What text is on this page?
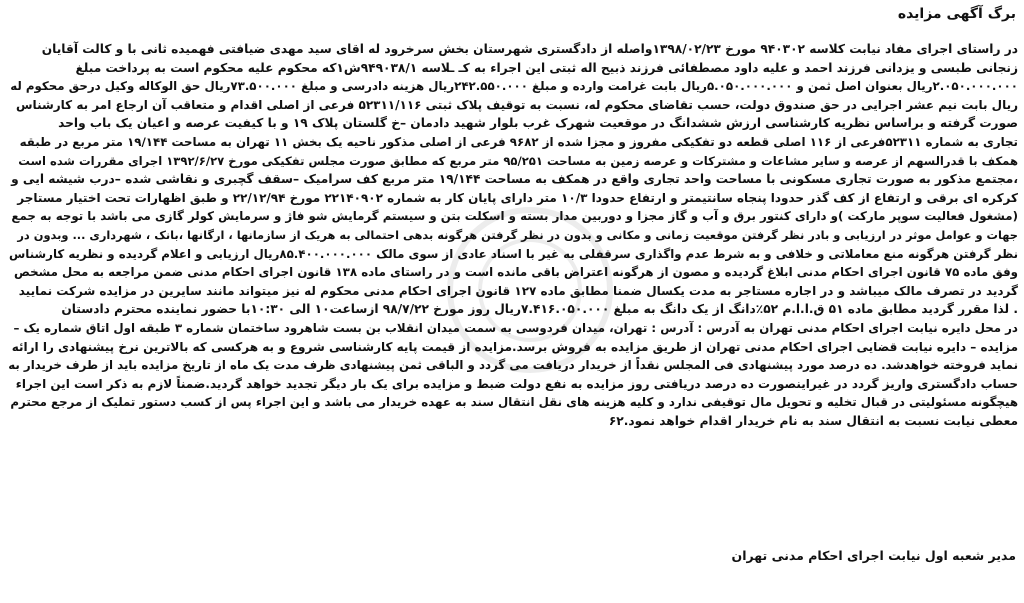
برگ آگهی مزایده
در راستای اجرای مفاد نیابت کلاسه ۹۴۰۳۰۲ مورخ ۱۳۹۸/۰۲/۲۳واصله از دادگستری شهرستان بخش سرخرود له اقای سید مهدی ضیافتی فهمیده ثانی با و کالت آقایان
زنجانی طبسی و یزدانی فرزند احمد و علیه داود مصطفائی فرزند ذبیح اله ثبتی این اجراء به کـ ـلاسه ۹۴۹۰۳۸/۱ش۱که محکوم علیه محکوم است به پرداخت مبلغ
۲.۰۵۰.۰۰۰.۰۰۰ریال بعنوان اصل ثمن و ۵.۰۵۰.۰۰۰.۰۰۰ریال بابت غرامت وارده و مبلغ ۲۴۲.۵۵۰.۰۰۰ریال هزینه دادرسی و مبلغ ۷۳.۵۰۰.۰۰۰ریال حق الوکاله وکیل درحق محکوم له
ریال بابت نیم عشر اجرایی در حق صندوق دولت، حسب تقاضای محکوم له، نسبت به توقیف پلاک ثبتی ۵۲۳۱۱/۱۱۶ فرعی از اصلی اقدام و متعاقب آن ارجاع امر به کارشناس
صورت گرفته و براساس نظریه کارشناسی ارزش ششدانگ در موقعیت شهرک غرب بلوار شهید دادمان –خ گلستان پلاک ۱۹ و با کیفیت عرصه و اعیان یک باب واحد
تجاری به شماره ۵۲۳۱۱فرعی از ۱۱۶ اصلی قطعه دو تفکیکی مفروز و مجزا شده از ۹۶۸۲ فرعی از اصلی مذکور ناحیه یک بخش ۱۱ تهران به مساحت ۱۹/۱۴۴ متر مربع در طبقه
همکف با قدرالسهم از عرصه و سایر مشاعات و مشترکات و عرصه زمین به مساحت ۹۵/۲۵۱ متر مربع که مطابق صورت مجلس تفکیکی مورخ ۱۳۹۲/۶/۲۷ اجرای مقررات شده است
،مجتمع مذکور به صورت تجاری مسکونی با مساحت واحد تجاری واقع در همکف به مساحت ۱۹/۱۴۴ متر مربع کف سرامیک –سقف گچبری و نقاشی شده –درب شیشه ایی و
کرکره ای برقی و ارتفاع از کف گذر حدودا پنجاه سانتیمتر و ارتفاع حدودا ۱۰/۳ متر دارای پایان کار به شماره ۲۲۱۴۰۹۰۲ مورخ ۲۲/۱۲/۹۴ و طبق اظهارات تحت اختیار مستاجر
(مشغول فعالیت سوپر مارکت )و دارای کنتور برق و آب و گاز مجزا و دوربین مدار بسته و اسکلت بتن و سیستم گرمایش شو فاژ و سرمایش کولر گازی می باشد با توجه به جمع
جهات و عوامل موثر در ارزیابی و بادر نظر گرفتن موقعیت زمانی و مکانی و بدون در نظر گرفتن هرگونه بدهی احتمالی به هریک از سازمانها ، ارگانها ،بانک ، شهرداری ... وبدون در
نظر گرفتن هرگونه منع معاملاتی و خلافی و به شرط عدم واگذاری سرقفلی به غیر با اسناد عادی از سوی مالک ۸۵.۴۰۰.۰۰۰.۰۰۰ریال ارزیابی و اعلام گردیده و نظریه کارشناس
وفق ماده ۷۵ قانون اجرای احکام مدنی ابلاغ گردیده و مصون از هرگونه اعتراض باقی مانده است و در راستای ماده ۱۳۸ قانون اجرای احکام مدنی ضمن مراجعه به محل مشخص
گردید در تصرف مالک میباشد و در اجاره مستاجر به مدت یکسال ضمنا مطابق ماده ۱۲۷ قانون اجرای احکام مدنی محکوم له نیز میتواند مانند سایرین در مزایده شرکت نمایید
. لذا مقرر گردید مطابق ماده ۵۱ ق.ا.ا.م ۵۲٪دانگ از یک دانگ به مبلغ ۷.۴۱۶.۰۵۰.۰۰۰ریال روز مورخ ۹۸/۷/۲۲ ازساعت۱۰ الی ۱۰:۳۰با حضور نماینده محترم دادستان
در محل دایره نیابت اجرای احکام مدنی تهران به آدرس : آدرس : تهران، میدان فردوسی به سمت میدان انقلاب بن بست شاهرود ساختمان شماره ۳ طبقه اول اتاق شماره یک –
مزایده – دایره نیابت قضایی اجرای احکام مدنی تهران از طریق مزایده به فروش برسد.مزایده از قیمت پایه کارشناسی شروع و به هرکسی که بالاترین نرخ پیشنهادی را ارائه
نماید فروخته خواهدشد. ده درصد مورد پیشنهادی فی المجلس نقداً از خریدار دریافت می گردد و الباقی ثمن پیشنهادی ظرف مدت یک ماه از تاریخ مزایده باید از طرف خریدار به
حساب دادگستری واریز گردد در غیراینصورت ده درصد دریافتی روز مزایده به نفع دولت ضبط و مزایده برای یک بار دیگر تجدید خواهد گردید.ضمناً لازم به ذکر است این اجراء
هیچگونه مسئولیتی در قبال تخلیه و تحویل مال توقیفی ندارد و کلیه هزینه های نقل انتقال سند به عهده خریدار می باشد و این اجراء پس از کسب دستور تملیک از مرجع محترم
معطی نیابت نسبت به انتقال سند به نام خریدار اقدام خواهد نمود.۶۲
مدیر شعبه اول نیابت اجرای احکام مدنی تهران
